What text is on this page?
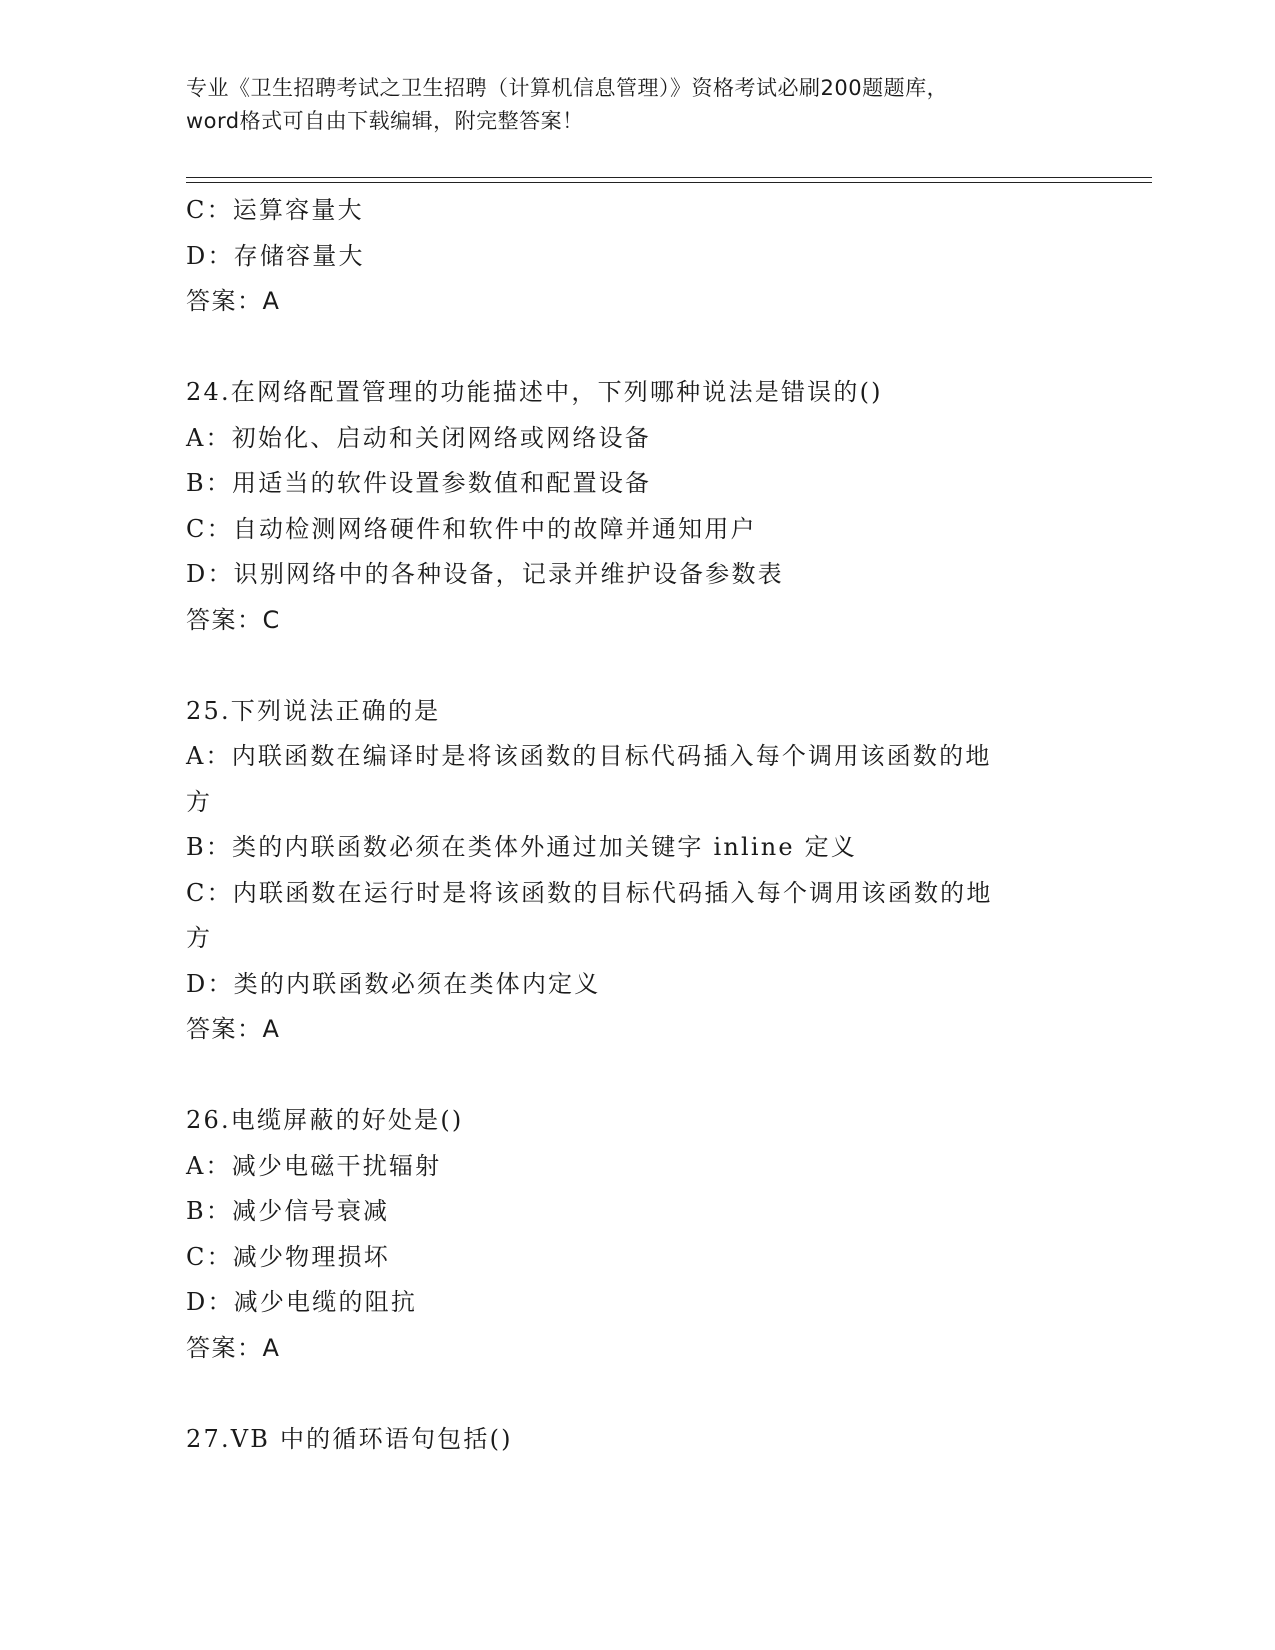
专业《卫生招聘考试之卫生招聘（计算机信息管理）》资格考试必刷200题题库，
word格式可自由下载编辑，附完整答案！
C：运算容量大
D：存储容量大
答案：A
24.在网络配置管理的功能描述中，下列哪种说法是错误的()
A：初始化、启动和关闭网络或网络设备
B：用适当的软件设置参数值和配置设备
C：自动检测网络硬件和软件中的故障并通知用户
D：识别网络中的各种设备，记录并维护设备参数表
答案：C
25.下列说法正确的是
A：内联函数在编译时是将该函数的目标代码插入每个调用该函数的地
方
B：类的内联函数必须在类体外通过加关键字 inline 定义
C：内联函数在运行时是将该函数的目标代码插入每个调用该函数的地
方
D：类的内联函数必须在类体内定义
答案：A
26.电缆屏蔽的好处是()
A：减少电磁干扰辐射
B：减少信号衰减
C：减少物理损坏
D：减少电缆的阻抗
答案：A
27.VB 中的循环语句包括()
